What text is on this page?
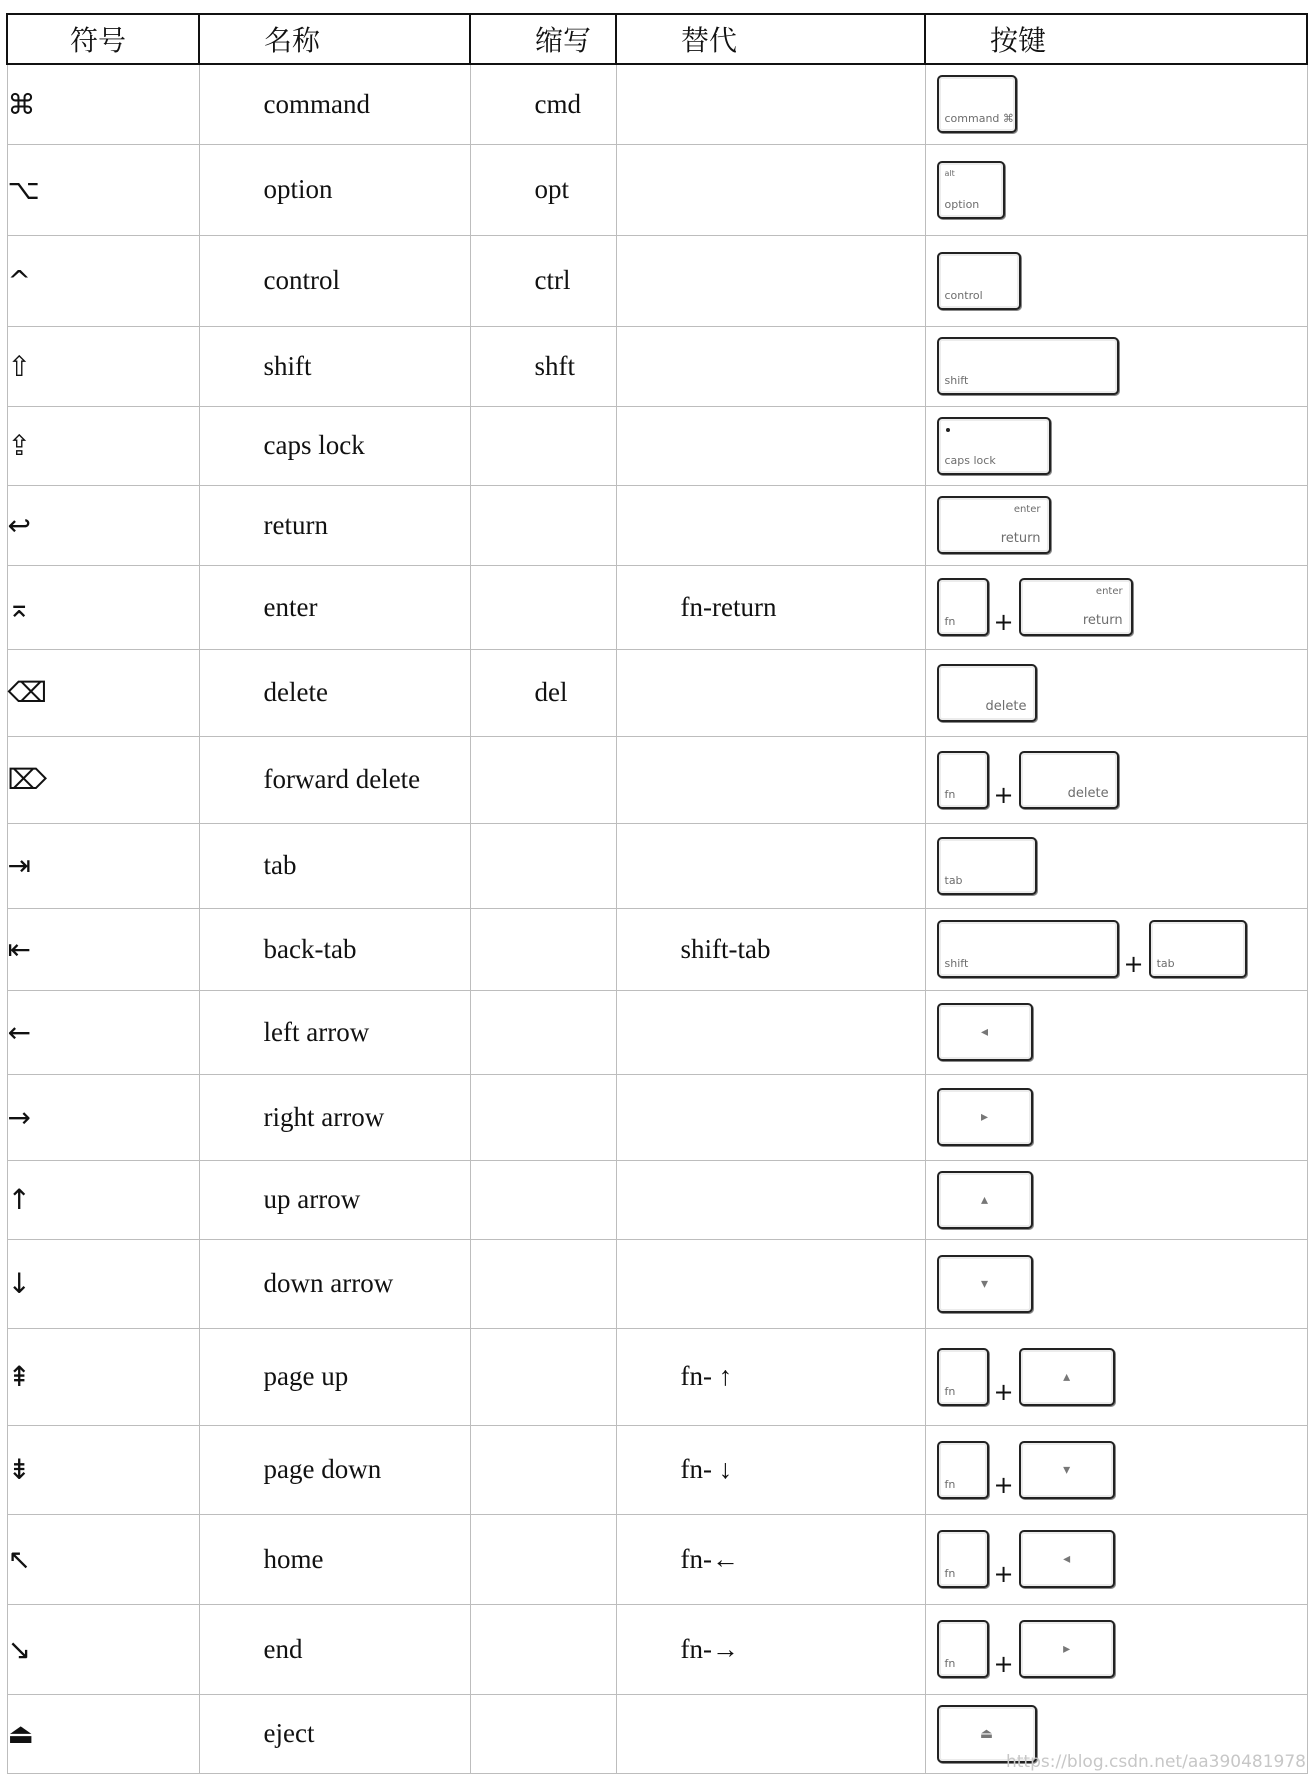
符号	名称	缩写	替代	按键
⌘	command	cmd		command ⌘

⌥	option	opt		alt
option

^	control	ctrl		control

⇧	shift	shft		shift

⇪	caps lock			caps lock

↩	return			enter
return

⌅	enter		fn-return	fn +
enter
return

⌫	delete	del		delete

⌦	forward delete			fn + delete

⇥	tab			tab

⇤	back-tab		shift-tab	shift + tab

←	left arrow			◂

→	right arrow			▸

↑	up arrow			▴

↓	down arrow			▾

⇞	page up		fn- ↑	fn +
▴

⇟	page down		fn- ↓	fn +
▾

↖	home		fn-←	fn +
◂

↘	end		fn-→	fn +
▸

⏏	eject			⏏
https://blog.csdn.net/aa390481978
